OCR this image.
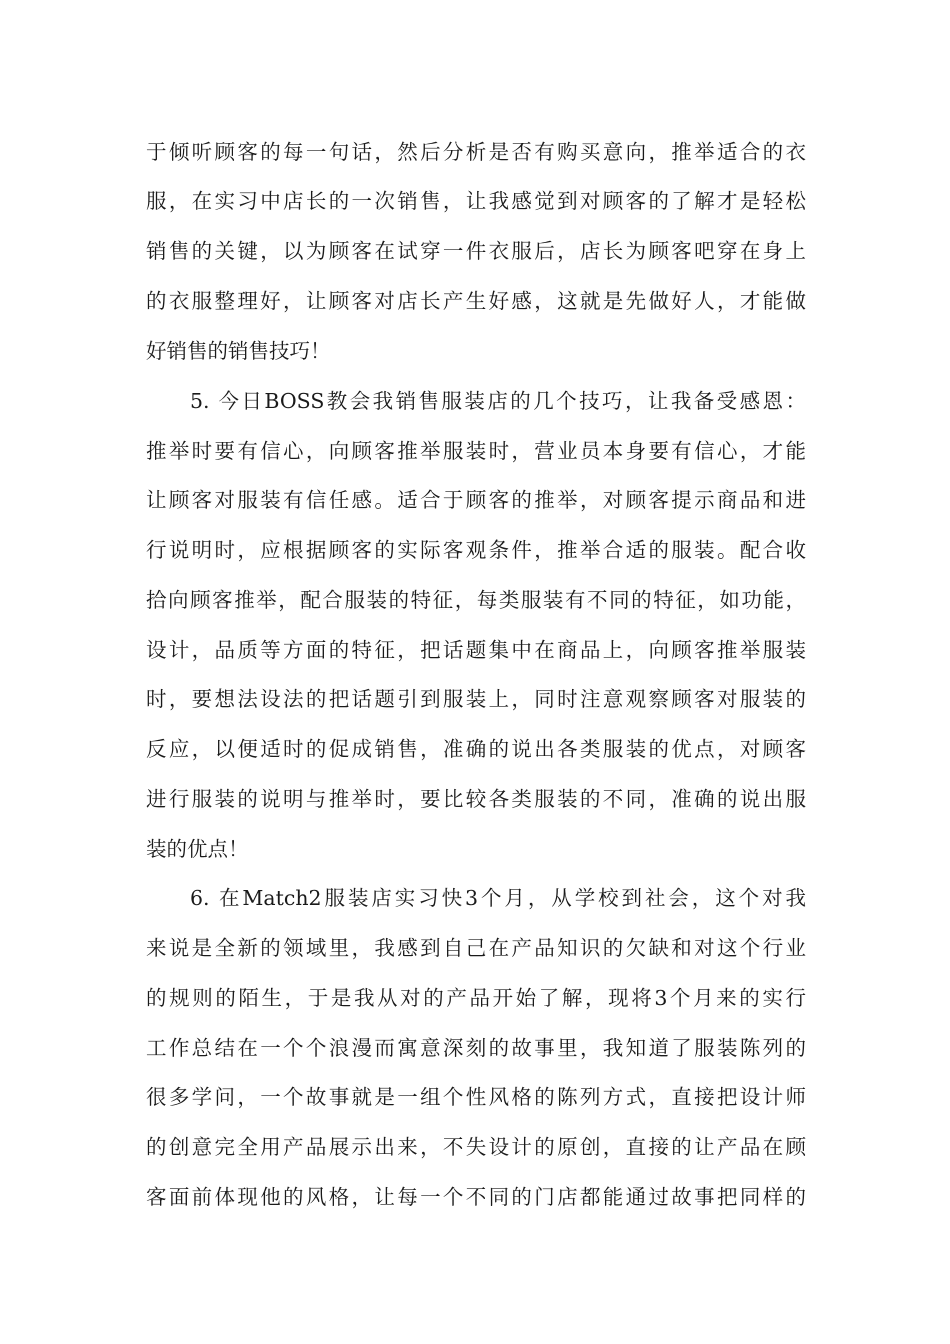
于倾听顾客的每一句话，然后分析是否有购买意向，推举适合的衣
服，在实习中店长的一次销售，让我感觉到对顾客的了解才是轻松
销售的关键，以为顾客在试穿一件衣服后，店长为顾客吧穿在身上
的衣服整理好，让顾客对店长产生好感，这就是先做好人，才能做
好销售的销售技巧！
5. 今日BOSS教会我销售服装店的几个技巧，让我备受感恩：
推举时要有信心，向顾客推举服装时，营业员本身要有信心，才能
让顾客对服装有信任感。适合于顾客的推举，对顾客提示商品和进
行说明时，应根据顾客的实际客观条件，推举合适的服装。配合收
拾向顾客推举，配合服装的特征，每类服装有不同的特征，如功能，
设计，品质等方面的特征，把话题集中在商品上，向顾客推举服装
时，要想法设法的把话题引到服装上，同时注意观察顾客对服装的
反应，以便适时的促成销售，准确的说出各类服装的优点，对顾客
进行服装的说明与推举时，要比较各类服装的不同，准确的说出服
装的优点！
6. 在Match2服装店实习快3个月，从学校到社会，这个对我
来说是全新的领域里，我感到自己在产品知识的欠缺和对这个行业
的规则的陌生，于是我从对的产品开始了解，现将3个月来的实行
工作总结在一个个浪漫而寓意深刻的故事里，我知道了服装陈列的
很多学问，一个故事就是一组个性风格的陈列方式，直接把设计师
的创意完全用产品展示出来，不失设计的原创，直接的让产品在顾
客面前体现他的风格，让每一个不同的门店都能通过故事把同样的
